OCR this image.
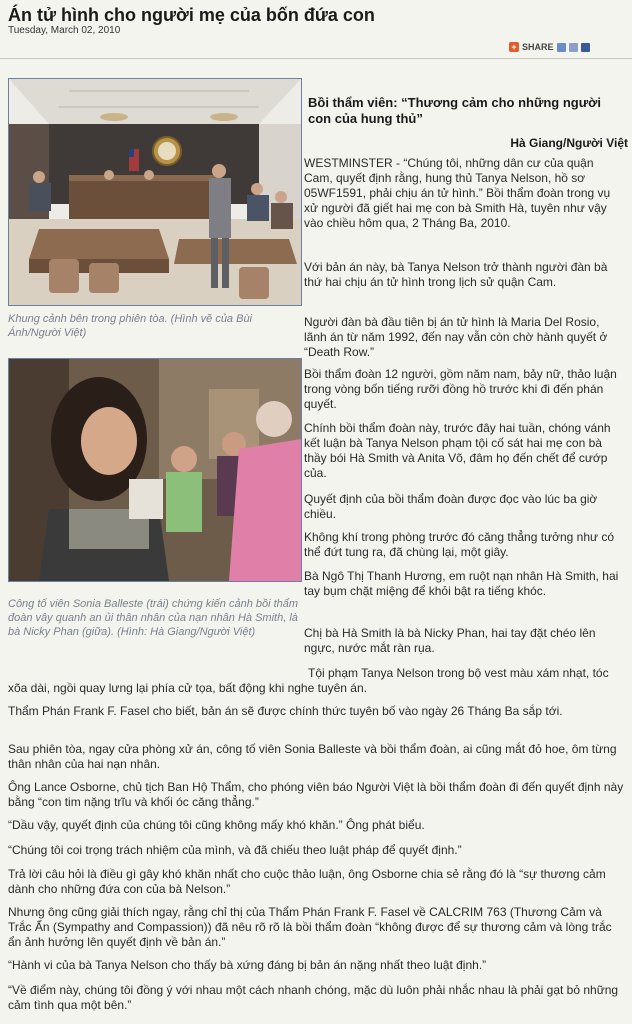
Án tử hình cho người mẹ của bốn đứa con
Tuesday, March 02, 2010
+ SHARE
Khung cảnh bên trong phiên tòa. (Hình vẽ của Bùi Ánh/Người Việt)
Công tố viên Sonia Balleste (trái) chứng kiến cảnh bồi thẩm đoàn vây quanh an ủi thân nhân của nạn nhân Hà Smith, là bà Nicky Phan (giữa). (Hình: Hà Giang/Người Việt)
Bồi thẩm viên: “Thương cảm cho những người con của hung thủ”
Hà Giang/Người Việt

WESTMINSTER - “Chúng tôi, những dân cư của quận Cam, quyết định rằng, hung thủ Tanya Nelson, hồ sơ 05WF1591, phải chịu án tử hình.” Bồi thẩm đoàn trong vụ xử người đã giết hai mẹ con bà Smith Hà, tuyên như vậy vào chiều hôm qua, 2 Tháng Ba, 2010.

Với bản án này, bà Tanya Nelson trở thành người đàn bà thứ hai chịu án tử hình trong lịch sử quận Cam.

Người đàn bà đầu tiên bị án tử hình là Maria Del Rosio, lãnh án từ năm 1992, đến nay vẫn còn chờ hành quyết ở “Death Row.”

Bồi thẩm đoàn 12 người, gồm năm nam, bảy nữ, thảo luận trong vòng bốn tiếng rưỡi đồng hồ trước khi đi đến phán quyết.

Chính bồi thẩm đoàn này, trước đây hai tuần, chóng vánh kết luận bà Tanya Nelson phạm tội cố sát hai mẹ con bà thầy bói Hà Smith và Anita Võ, đâm họ đến chết để cướp của.

Quyết định của bồi thẩm đoàn được đọc vào lúc ba giờ chiều.

Không khí trong phòng trước đó căng thẳng tưởng như có thể đứt tung ra, đã chùng lại, một giây.

Bà Ngô Thị Thanh Hương, em ruột nạn nhân Hà Smith, hai tay bụm chặt miệng để khỏi bật ra tiếng khóc.

Chị bà Hà Smith là bà Nicky Phan, hai tay đặt chéo lên ngực, nước mắt ràn rụa.

Tội phạm Tanya Nelson trong bộ vest màu xám nhạt, tóc xõa dài, ngồi quay lưng lại phía cử tọa, bất động khi nghe tuyên án.

Thẩm Phán Frank F. Fasel cho biết, bản án sẽ được chính thức tuyên bố vào ngày 26 Tháng Ba sắp tới.

Sau phiên tòa, ngay cửa phòng xử án, công tố viên Sonia Balleste và bồi thẩm đoàn, ai cũng mắt đỏ hoe, ôm từng thân nhân của hai nạn nhân.

Ông Lance Osborne, chủ tịch Ban Hộ Thẩm, cho phóng viên báo Người Việt là bồi thẩm đoàn đi đến quyết định này bằng “con tim nặng trĩu và khối óc căng thẳng.”

“Dầu vậy, quyết định của chúng tôi cũng không mấy khó khăn.” Ông phát biểu.

“Chúng tôi coi trọng trách nhiệm của mình, và đã chiếu theo luật pháp để quyết định.”

Trả lời câu hỏi là điều gì gây khó khăn nhất cho cuộc thảo luận, ông Osborne chia sẻ rằng đó là “sự thương cảm dành cho những đứa con của bà Nelson.”

Nhưng ông cũng giải thích ngay, rằng chỉ thị của Thẩm Phán Frank F. Fasel về CALCRIM 763 (Thương Cảm và Trắc Ẩn (Sympathy and Compassion)) đã nêu rõ rõ là bồi thẩm đoàn “không được để sự thương cảm và lòng trắc ẩn ảnh hưởng lên quyết định về bản án.”

“Hành vi của bà Tanya Nelson cho thấy bà xứng đáng bị bản án nặng nhất theo luật định.”

“Về điểm này, chúng tôi đồng ý với nhau một cách nhanh chóng, mặc dù luôn phải nhắc nhau là phải gạt bỏ những cảm tình qua một bên.”
